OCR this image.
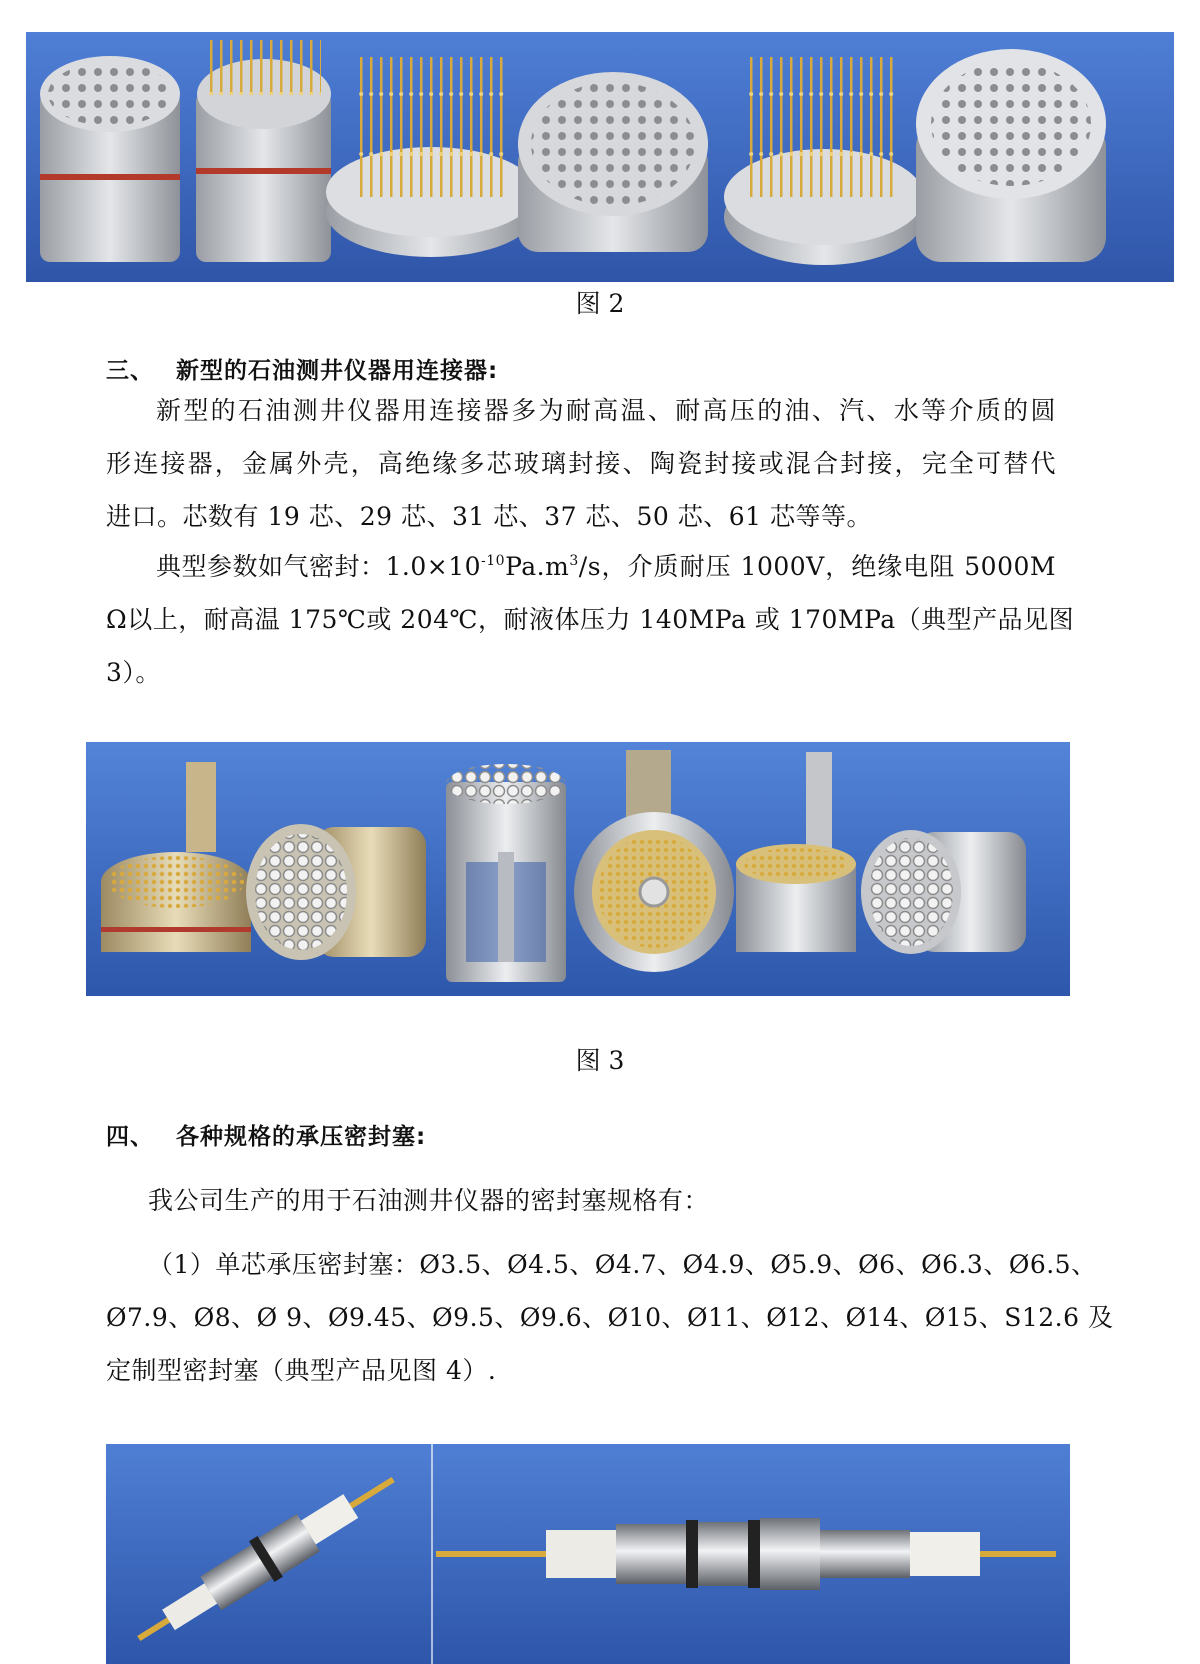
图 2
三、 新型的石油测井仪器用连接器:
新型的石油测井仪器用连接器多为耐高温、耐高压的油、汽、水等介质的圆
形连接器，金属外壳，高绝缘多芯玻璃封接、陶瓷封接或混合封接，完全可替代
进口。芯数有 19 芯、29 芯、31 芯、37 芯、50 芯、61 芯等等。
典型参数如气密封：$1.0\times 10^{-10}Pa.m^3$ /s，介质耐压 1000V，绝缘电阻 5000M
Ω以上，耐高温 175℃或 204℃，耐液体压力 140MPa 或 170MPa（典型产品见图
3）。
图 3
四、 各种规格的承压密封塞:
我公司生产的用于石油测井仪器的密封塞规格有：
（1）单芯承压密封塞：Ø3.5、Ø4.5、Ø4.7、Ø4.9、Ø5.9、Ø6、Ø6.3、Ø6.5、
Ø7.9、Ø8、Ø 9、Ø9.45、Ø9.5、Ø9.6、Ø10、Ø11、Ø12、Ø14、Ø15、S12.6 及
定制型密封塞（典型产品见图 4）.
